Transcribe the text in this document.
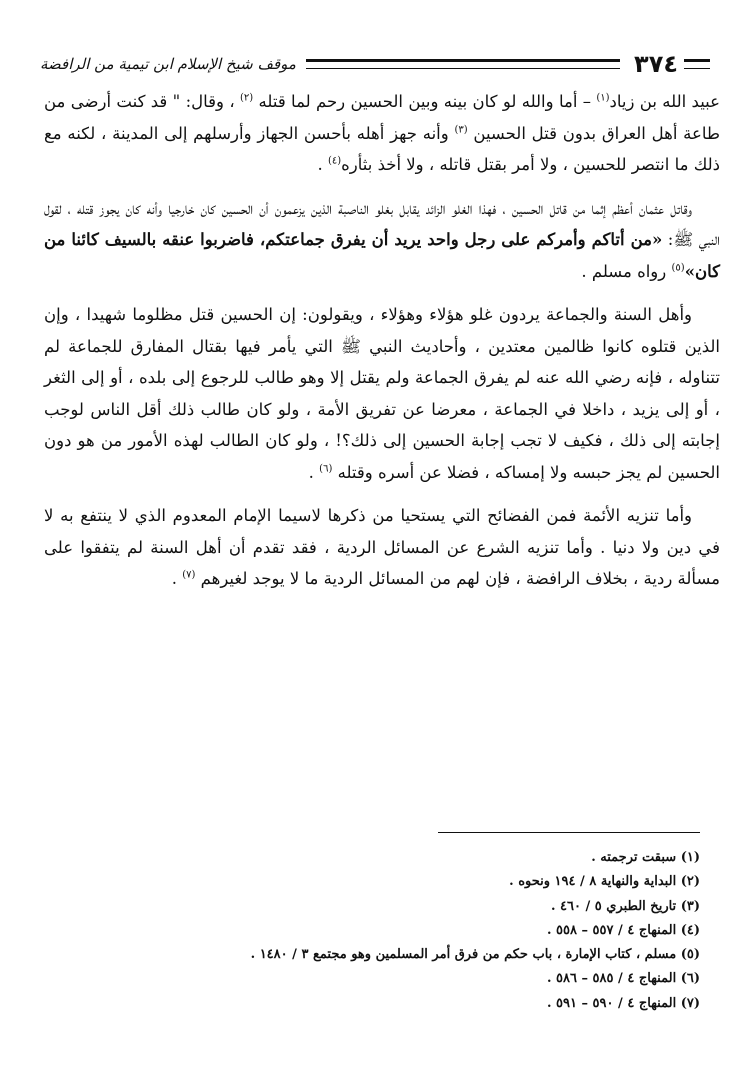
٣٧٤
موقف شيخ الإسلام ابن تيمية من الرافضة

عبيد الله بن زياد$^{(١)}$ – أما والله لو كان بينه وبين الحسين رحم لما قتله $^{(٢)}$ ، وقال: " قد كنت أرضى من طاعة أهل العراق بدون قتل الحسين $^{(٣)}$ وأنه جهز أهله بأحسن الجهاز وأرسلهم إلى المدينة ، لكنه مع ذلك ما انتصر للحسين ، ولا أمر بقتل قاتله ، ولا أخذ بثأره$^{(٤)}$ .

وقاتل عثمان أعظم إثما من قاتل الحسين ، فهذا الغلو الزائد يقابل بغلو الناصبة الذين يزعمون أن الحسين كان خارجيا وأنه كان يجوز قتله ، لقول النبي ﷺ: «من أتاكم وأمركم على رجل واحد يريد أن يفرق جماعتكم، فاضربوا عنقه بالسيف كائنا من كان»$^{(٥)}$ رواه مسلم .

وأهل السنة والجماعة يردون غلو هؤلاء وهؤلاء ، ويقولون: إن الحسين قتل مظلوما شهيدا ، وإن الذين قتلوه كانوا ظالمين معتدين ، وأحاديث النبي ﷺ التي يأمر فيها بقتال المفارق للجماعة لم تتناوله ، فإنه رضي الله عنه لم يفرق الجماعة ولم يقتل إلا وهو طالب للرجوع إلى بلده ، أو إلى الثغر ، أو إلى يزيد ، داخلا في الجماعة ، معرضا عن تفريق الأمة ، ولو كان طالب ذلك أقل الناس لوجب إجابته إلى ذلك ، فكيف لا تجب إجابة الحسين إلى ذلك؟! ، ولو كان الطالب لهذه الأمور من هو دون الحسين لم يجز حبسه ولا إمساكه ، فضلا عن أسره وقتله $^{(٦)}$ .

وأما تنزيه الأئمة فمن الفضائح التي يستحيا من ذكرها لاسيما الإمام المعدوم الذي لا ينتفع به لا في دين ولا دنيا . وأما تنزيه الشرع عن المسائل الردية ، فقد تقدم أن أهل السنة لم يتفقوا على مسألة ردية ، بخلاف الرافضة ، فإن لهم من المسائل الردية ما لا يوجد لغيرهم $^{(٧)}$ .

(١) سبقت ترجمته .
(٢) البداية والنهاية ٨ / ١٩٤ ونحوه .
(٣) تاريخ الطبري ٥ / ٤٦٠ .
(٤) المنهاج ٤ / ٥٥٧ – ٥٥٨ .
(٥) مسلم ، كتاب الإمارة ، باب حكم من فرق أمر المسلمين وهو مجتمع ٣ / ١٤٨٠ .
(٦) المنهاج ٤ / ٥٨٥ – ٥٨٦ .
(٧) المنهاج ٤ / ٥٩٠ – ٥٩١ .
